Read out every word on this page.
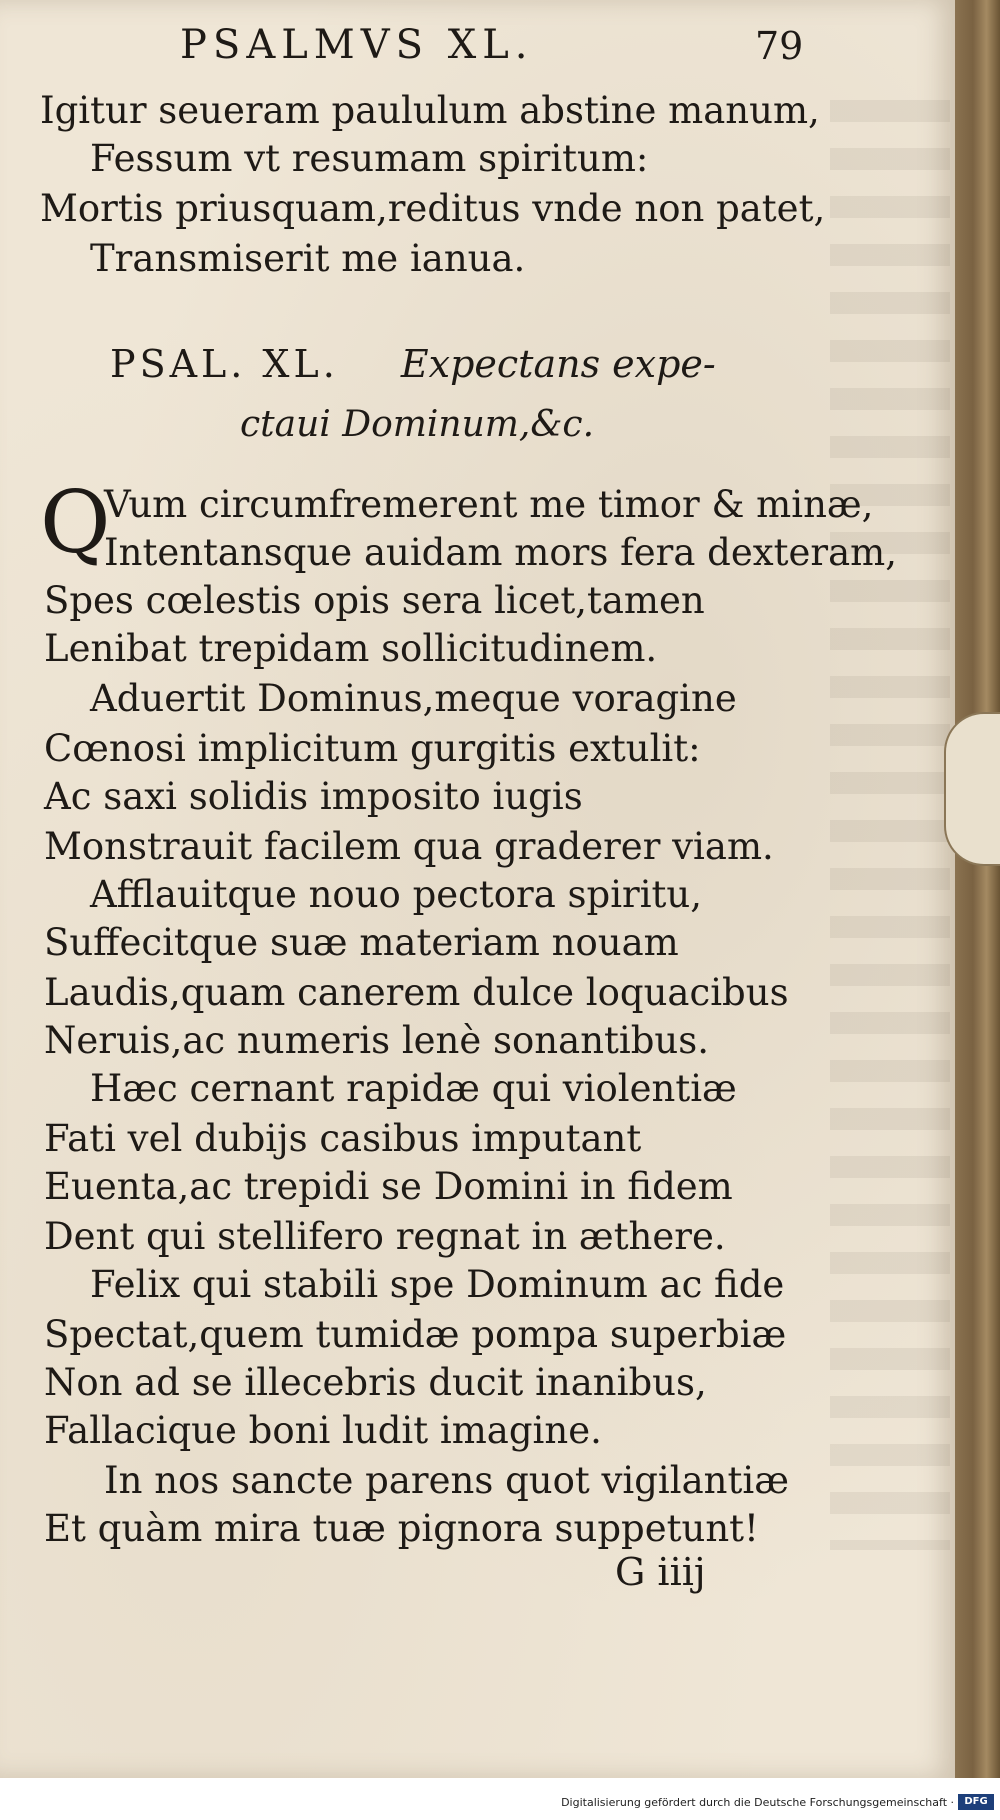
PSALMVS XL.	79
Igitur seueram paululum abstine manum,
Fessum vt resumam spiritum:
Mortis priusquam,reditus vnde non patet,
Transmiserit me ianua.
PSAL. XL. Expectans expe-
ctaui Dominum,&c.
Q
Vum circumfremerent me timor & minæ,
Intentansque auidam mors fera dexteram,
Spes cœlestis opis sera licet,tamen
Lenibat trepidam sollicitudinem.
Aduertit Dominus,meque voragine
Cœnosi implicitum gurgitis extulit:
Ac saxi solidis imposito iugis
Monstrauit facilem qua graderer viam.
Afflauitque nouo pectora spiritu,
Suffecitque suæ materiam nouam
Laudis,quam canerem dulce loquacibus
Neruis,ac numeris lenè sonantibus.
Hæc cernant rapidæ qui violentiæ
Fati vel dubijs casibus imputant
Euenta,ac trepidi se Domini in fidem
Dent qui stellifero regnat in æthere.
Felix qui stabili spe Dominum ac fide
Spectat,quem tumidæ pompa superbiæ
Non ad se illecebris ducit inanibus,
Fallacique boni ludit imagine.
In nos sancte parens quot vigilantiæ
Et quàm mira tuæ pignora suppetunt!
G iiij
Digitalisierung gefördert durch die Deutsche Forschungsgemeinschaft ·	DFG
